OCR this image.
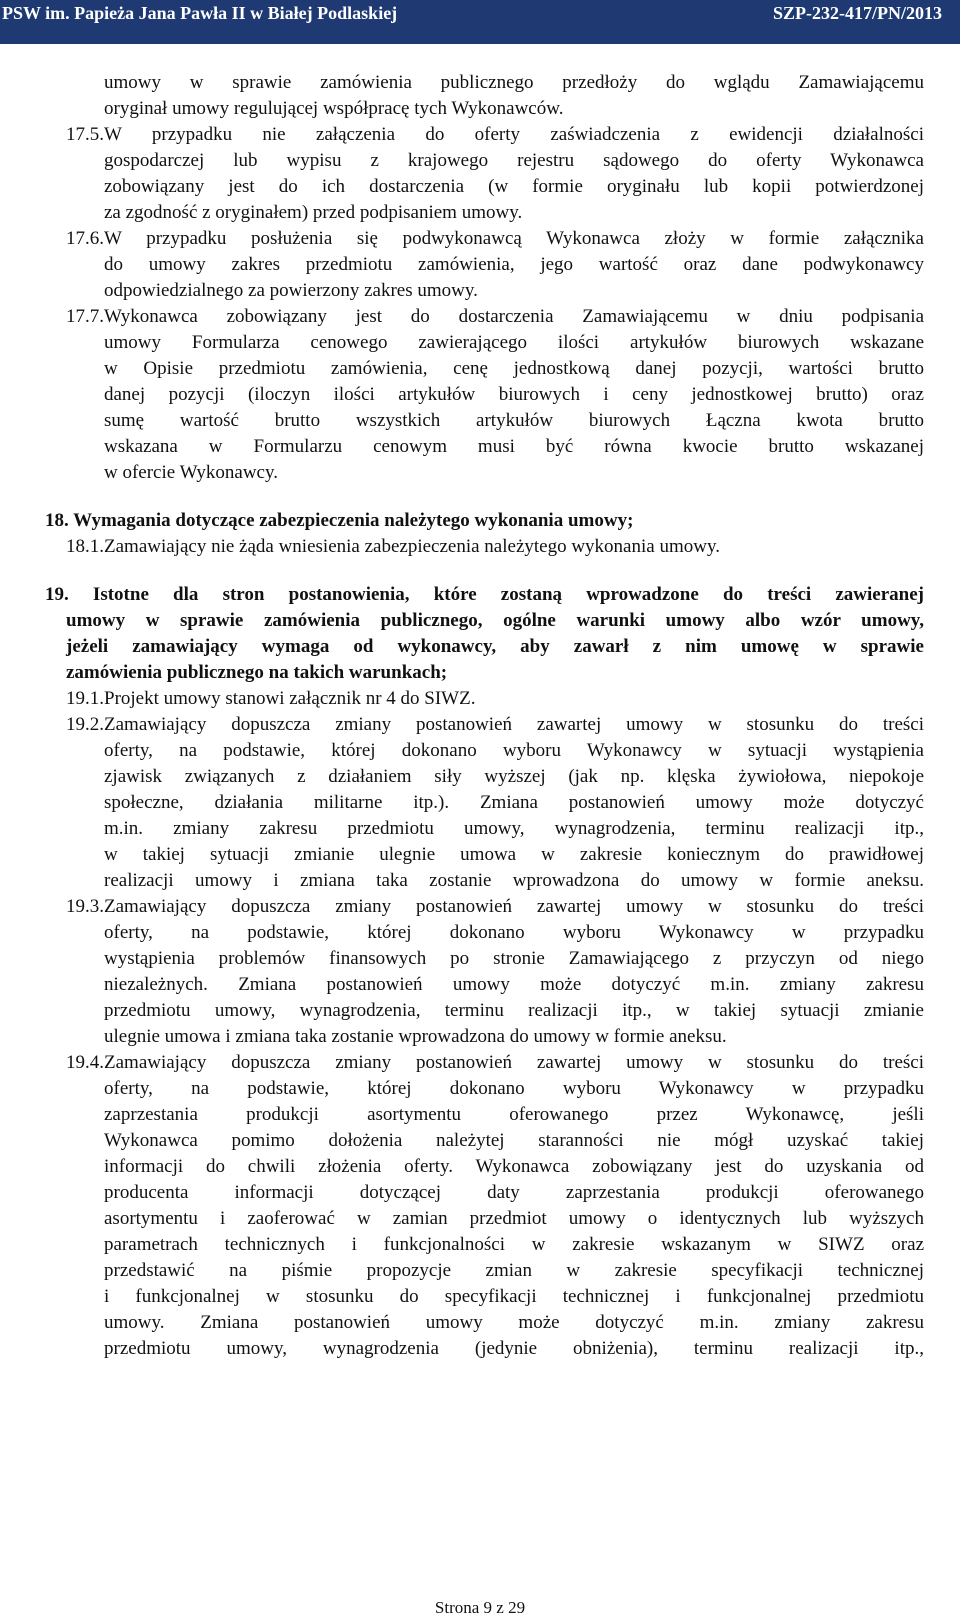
PSW im. Papieża Jana Pawła II w Białej Podlaskiej	SZP-232-417/PN/2013
umowy w sprawie zamówienia publicznego przedłoży do wglądu Zamawiającemu
oryginał umowy regulującej współpracę tych Wykonawców.
17.5. W przypadku nie załączenia do oferty zaświadczenia z ewidencji działalności
gospodarczej lub wypisu z krajowego rejestru sądowego do oferty Wykonawca
zobowiązany jest do ich dostarczenia (w formie oryginału lub kopii potwierdzonej
za zgodność z oryginałem) przed podpisaniem umowy.
17.6. W przypadku posłużenia się podwykonawcą Wykonawca złoży w formie załącznika
do umowy zakres przedmiotu zamówienia, jego wartość oraz dane podwykonawcy
odpowiedzialnego za powierzony zakres umowy.
17.7. Wykonawca zobowiązany jest do dostarczenia Zamawiającemu w dniu podpisania
umowy Formularza cenowego zawierającego ilości artykułów biurowych wskazane
w Opisie przedmiotu zamówienia, cenę jednostkową danej pozycji, wartości brutto
danej pozycji (iloczyn ilości artykułów biurowych i ceny jednostkowej brutto) oraz
sumę wartość brutto wszystkich artykułów biurowych Łączna kwota brutto
wskazana w Formularzu cenowym musi być równa kwocie brutto wskazanej
w ofercie Wykonawcy.
18. Wymagania dotyczące zabezpieczenia należytego wykonania umowy;
18.1. Zamawiający nie żąda wniesienia zabezpieczenia należytego wykonania umowy.
19. Istotne dla stron postanowienia, które zostaną wprowadzone do treści zawieranej
umowy w sprawie zamówienia publicznego, ogólne warunki umowy albo wzór umowy,
jeżeli zamawiający wymaga od wykonawcy, aby zawarł z nim umowę w sprawie
zamówienia publicznego na takich warunkach;
19.1. Projekt umowy stanowi załącznik nr 4 do SIWZ.
19.2. Zamawiający dopuszcza zmiany postanowień zawartej umowy w stosunku do treści
oferty, na podstawie, której dokonano wyboru Wykonawcy w sytuacji wystąpienia
zjawisk związanych z działaniem siły wyższej (jak np. klęska żywiołowa, niepokoje
społeczne, działania militarne itp.). Zmiana postanowień umowy może dotyczyć
m.in. zmiany zakresu przedmiotu umowy, wynagrodzenia, terminu realizacji itp.,
w takiej sytuacji zmianie ulegnie umowa w zakresie koniecznym do prawidłowej
realizacji umowy i zmiana taka zostanie wprowadzona do umowy w formie aneksu.
19.3. Zamawiający dopuszcza zmiany postanowień zawartej umowy w stosunku do treści
oferty, na podstawie, której dokonano wyboru Wykonawcy w przypadku
wystąpienia problemów finansowych po stronie Zamawiającego z przyczyn od niego
niezależnych. Zmiana postanowień umowy może dotyczyć m.in. zmiany zakresu
przedmiotu umowy, wynagrodzenia, terminu realizacji itp., w takiej sytuacji zmianie
ulegnie umowa i zmiana taka zostanie wprowadzona do umowy w formie aneksu.
19.4. Zamawiający dopuszcza zmiany postanowień zawartej umowy w stosunku do treści
oferty, na podstawie, której dokonano wyboru Wykonawcy w przypadku
zaprzestania produkcji asortymentu oferowanego przez Wykonawcę, jeśli
Wykonawca pomimo dołożenia należytej staranności nie mógł uzyskać takiej
informacji do chwili złożenia oferty. Wykonawca zobowiązany jest do uzyskania od
producenta informacji dotyczącej daty zaprzestania produkcji oferowanego
asortymentu i zaoferować w zamian przedmiot umowy o identycznych lub wyższych
parametrach technicznych i funkcjonalności w zakresie wskazanym w SIWZ oraz
przedstawić na piśmie propozycje zmian w zakresie specyfikacji technicznej
i funkcjonalnej w stosunku do specyfikacji technicznej i funkcjonalnej przedmiotu
umowy. Zmiana postanowień umowy może dotyczyć m.in. zmiany zakresu
przedmiotu umowy, wynagrodzenia (jedynie obniżenia), terminu realizacji itp.,
Strona 9 z 29
